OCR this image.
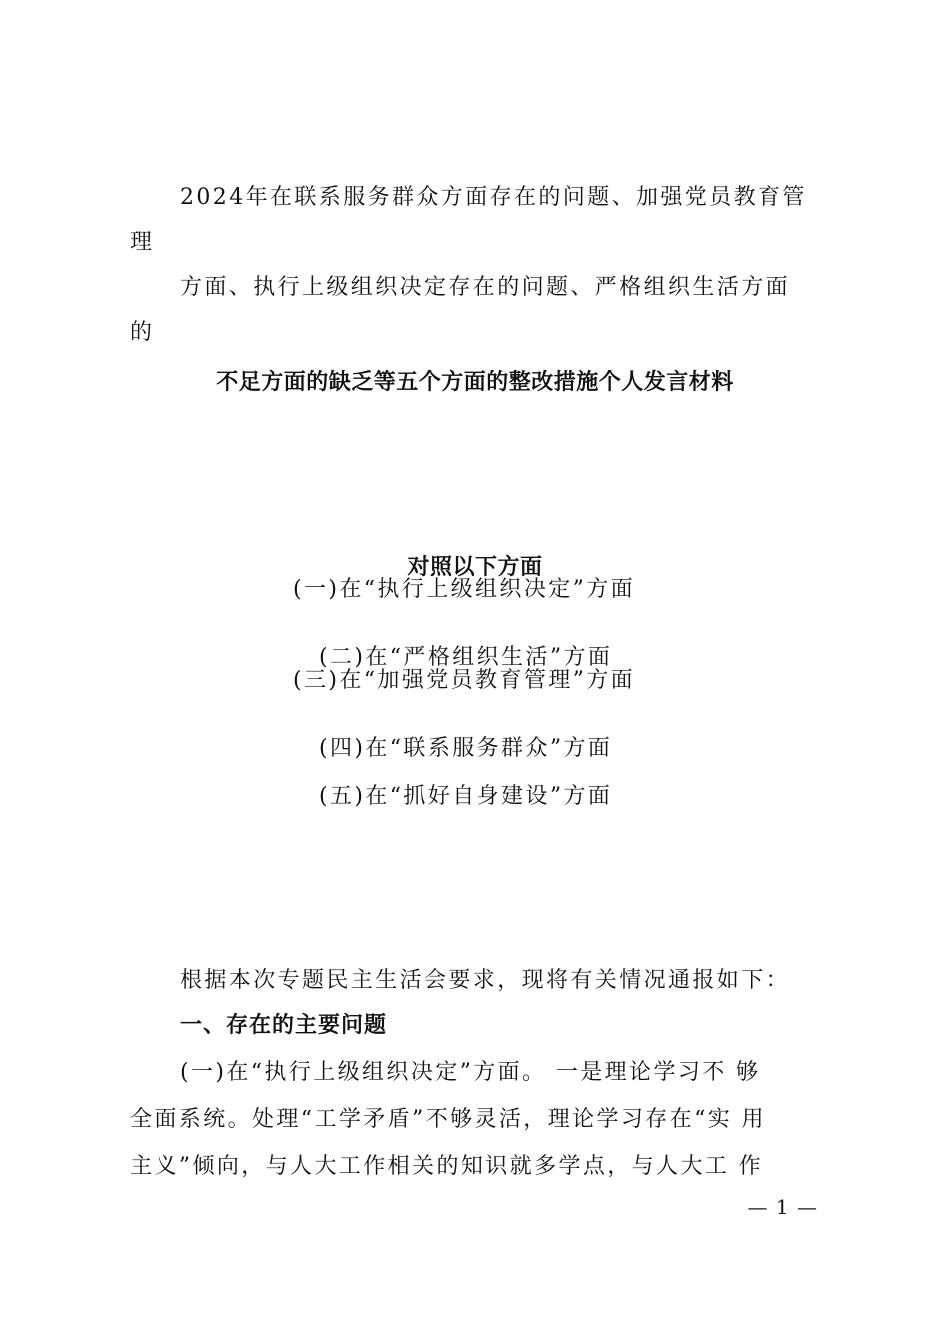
2024年在联系服务群众方面存在的问题、加强党员教育管
理
方面、执行上级组织决定存在的问题、严格组织生活方面
的
不足方面的缺乏等五个方面的整改措施个人发言材料
对照以下方面
(一)在“执行上级组织决定”方面
(二)在“严格组织生活”方面
(三)在“加强党员教育管理”方面
(四)在“联系服务群众”方面
(五)在“抓好自身建设”方面
根据本次专题民主生活会要求，现将有关情况通报如下：
一、存在的主要问题
(一)在“执行上级组织决定”方面。 一是理论学习不 够
全面系统。处理“工学矛盾”不够灵活，理论学习存在“实 用
主义”倾向，与人大工作相关的知识就多学点，与人大工 作
— 1 —
